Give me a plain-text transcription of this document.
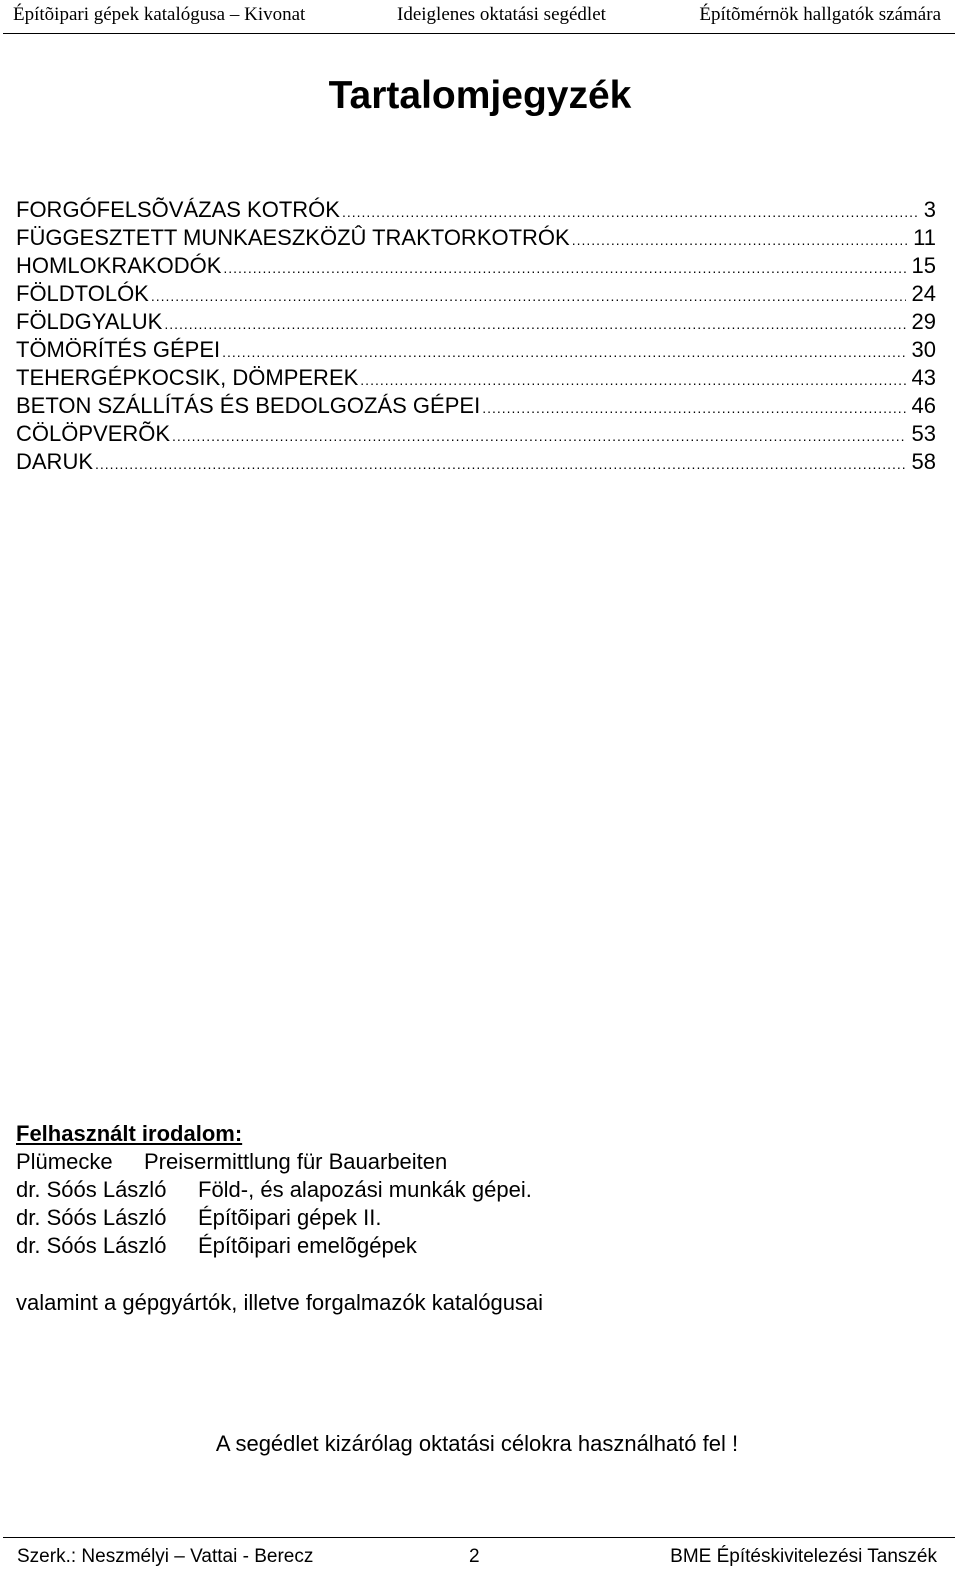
Építõipari gépek katalógusa – Kivonat	Ideiglenes oktatási segédlet	Építõmérnök hallgatók számára
Tartalomjegyzék
FORGÓFELSÕVÁZAS KOTRÓK .....	3
FÜGGESZTETT MUNKAESZKÖZÛ TRAKTORKOTRÓK .....	11
HOMLOKRAKODÓK .....	15
FÖLDTOLÓK .....	24
FÖLDGYALUK .....	29
TÖMÖRÍTÉS GÉPEI .....	30
TEHERGÉPKOCSIK, DÖMPEREK .....	43
BETON SZÁLLÍTÁS ÉS BEDOLGOZÁS GÉPEI .....	46
CÖLÖPVERÕK .....	53
DARUK .....	58

Felhasznált irodalom:

Plümecke Preisermittlung für Bauarbeiten
dr. Sóós László Föld-, és alapozási munkák gépei.
dr. Sóós László Építõipari gépek II.
dr. Sóós László Építõipari emelõgépek

valamint a gépgyártók, illetve forgalmazók katalógusai

A segédlet kizárólag oktatási célokra használható fel !

Szerk.: Neszmélyi – Vattai - Berecz	2	BME Építéskivitelezési Tanszék
